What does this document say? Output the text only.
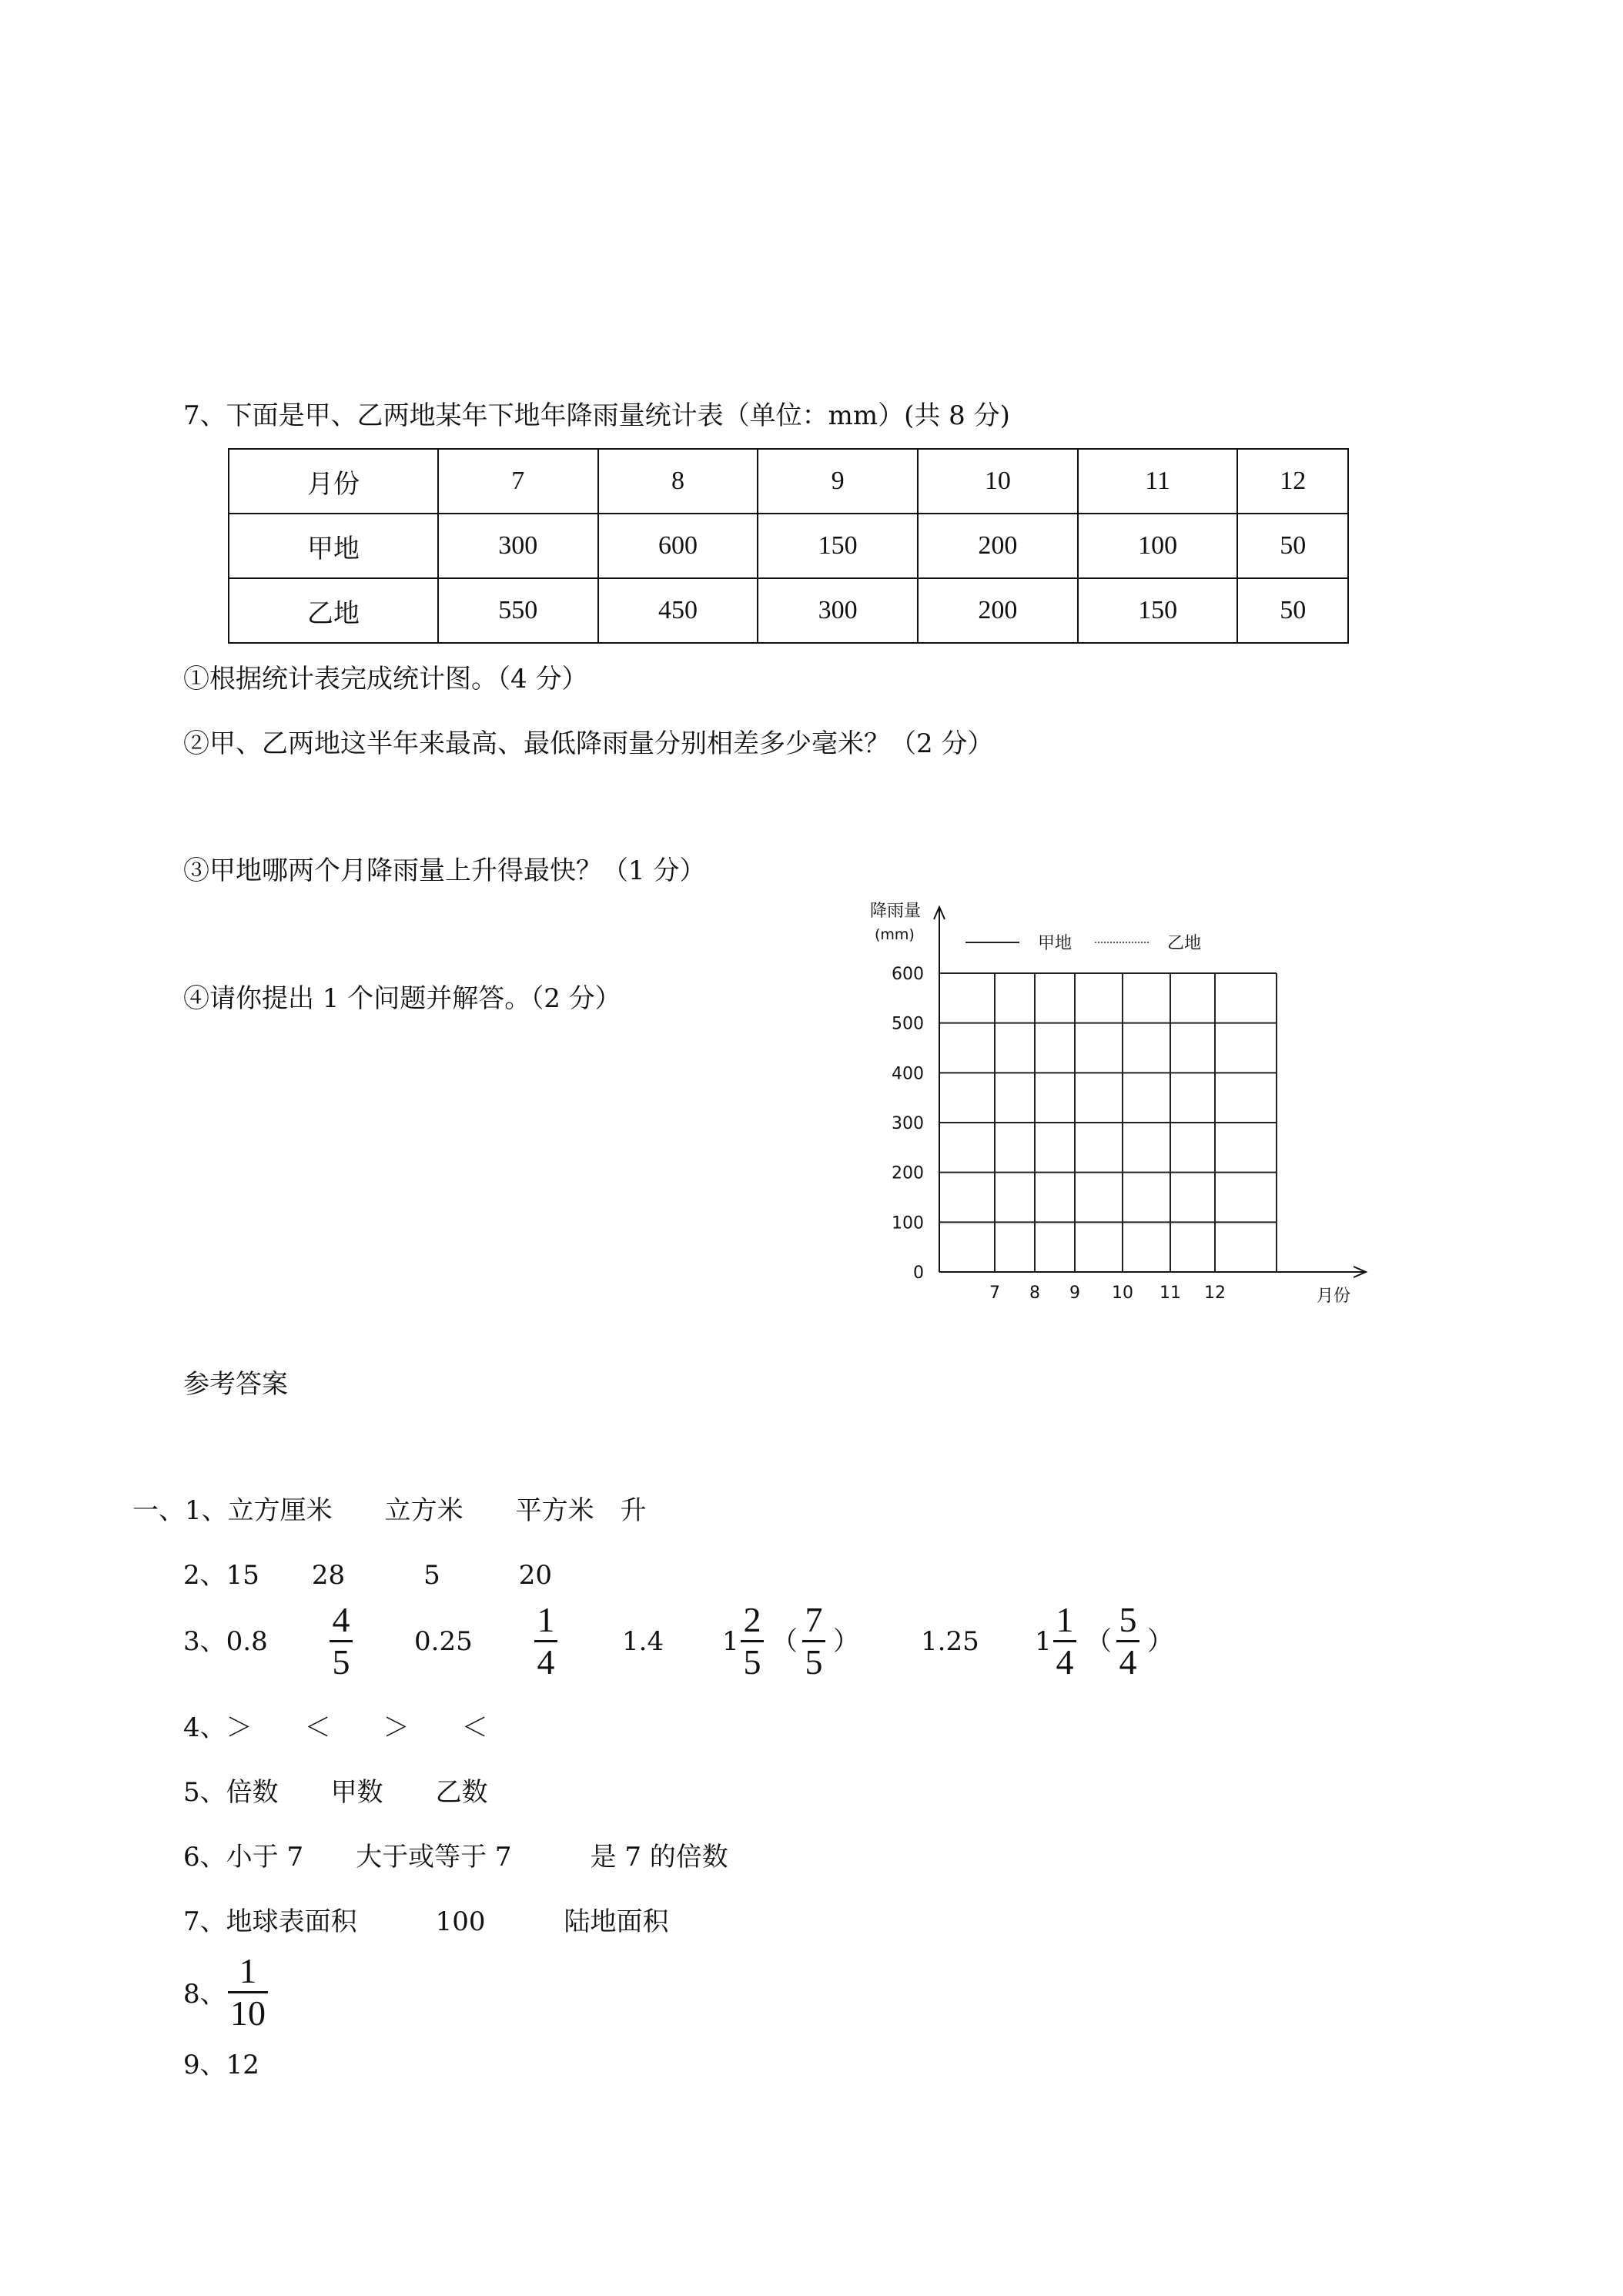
7、下面是甲、乙两地某年下地年降雨量统计表（单位：mm）(共 8 分)
月份	7	8	9	10	11	12
甲地	300	600	150	200	100	50
乙地	550	450	300	200	150	50
①根据统计表完成统计图。（4 分）
②甲、乙两地这半年来最高、最低降雨量分别相差多少毫米？（2 分）
③甲地哪两个月降雨量上升得最快？（1 分）
④请你提出 1 个问题并解答。（2 分）
0
100
200
300
400
500
600
7 8 9 10 11 12
降雨量
(mm)
月份
甲地	乙地
参考答案
一、1、立方厘米　　立方米　　平方米　升
2、15　　28　　　5　　　20
3、0.8
4
5
0.25
1
4
1.4 1
2
5
（
7
5
） 1.25 1
1
4
（
5
4
）
4、＞　　＜　　＞　　＜
5、倍数　　甲数　　乙数
6、小于 7　　大于或等于 7　　　是 7 的倍数
7、地球表面积　　　100　　　陆地面积
8、
1
10
9、12
